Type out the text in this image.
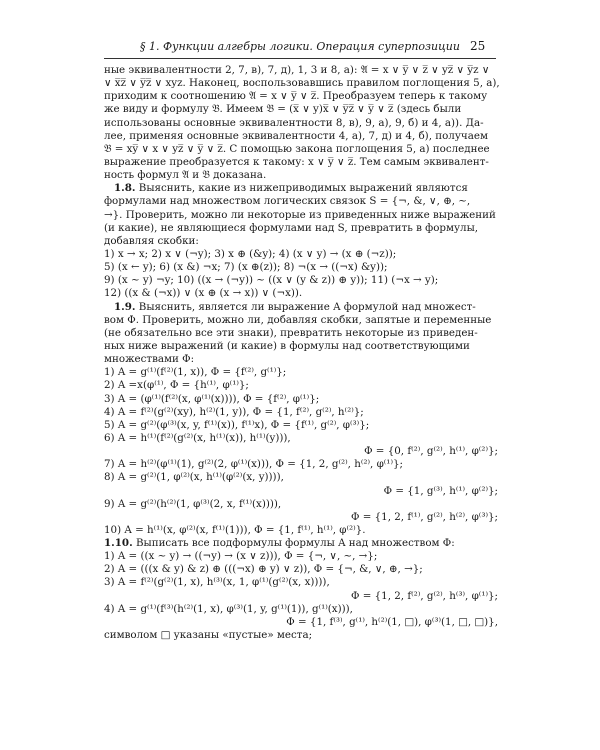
§ 1. Функции алгебры логики. Операция суперпозиции 25
ные эквивалентности 2, 7, в), 7, д), 1, 3 и 8, а): 𝔄 = x ∨ y̅ ∨ z̅ ∨ yz̅ ∨ y̅z ∨
∨ x̅z̅ ∨ y̅z̅ ∨ xyz. Наконец, воспользовавшись правилом поглощения 5, а),
приходим к соотношению 𝔄 = x ∨ y̅ ∨ z̅. Преобразуем теперь к такому
же виду и формулу 𝔅. Имеем 𝔅 = (x̅ ∨ y)x̅ ∨ y̅z̅ ∨ y̅ ∨ z̅ (здесь были
использованы основные эквивалентности 8, в), 9, а), 9, б) и 4, а)). Да-
лее, применяя основные эквивалентности 4, а), 7, д) и 4, б), получаем
𝔅 = xy̅ ∨ x ∨ yz̅ ∨ y̅ ∨ z̅. С помощью закона поглощения 5, а) последнее
выражение преобразуется к такому: x ∨ y̅ ∨ z̅. Тем самым эквивалент-
ность формул 𝔄 и 𝔅 доказана.
1.8. Выяснить, какие из нижеприводимых выражений являются
формулами над множеством логических связок S = {¬, &, ∨, ⊕, ∼,
→}. Проверить, можно ли некоторые из приведенных ниже выражений
(и какие), не являющиеся формулами над S, превратить в формулы,
добавляя скобки:
1) x → x; 2) x ∨ (¬y); 3) x ⊕ (&y); 4) (x ∨ y) → (x ⊕ (¬z));
5) (x ← y); 6) (x &) ¬x; 7) (x ⊕(z)); 8) ¬(x → ((¬x) &y));
9) (x ∼ y) ¬y; 10) ((x → (¬y)) ∼ ((x ∨ (y & z)) ⊕ y)); 11) (¬x → y);
12) ((x & (¬x)) ∨ (x ⊕ (x → x)) ∨ (¬x)).
1.9. Выяснить, является ли выражение A формулой над множест-
вом Φ. Проверить, можно ли, добавляя скобки, запятые и переменные
(не обязательно все эти знаки), превратить некоторые из приведен-
ных ниже выражений (и какие) в формулы над соответствующими
множествами Φ:
1) A = g⁽¹⁾(f⁽²⁾(1, x)), Φ = {f⁽²⁾, g⁽¹⁾};
2) A =x(φ⁽¹⁾, Φ = {h⁽¹⁾, φ⁽¹⁾};
3) A = (φ⁽¹⁾(f⁽²⁾(x, φ⁽¹⁾(x)))), Φ = {f⁽²⁾, φ⁽¹⁾};
4) A = f⁽²⁾(g⁽²⁾(xy), h⁽²⁾(1, y)), Φ = {1, f⁽²⁾, g⁽²⁾, h⁽²⁾};
5) A = g⁽²⁾(φ⁽³⁾(x, y, f⁽¹⁾(x)), f⁽¹⁾x), Φ = {f⁽¹⁾, g⁽²⁾, φ⁽³⁾};
6) A = h⁽¹⁾(f⁽²⁾(g⁽²⁾(x, h⁽¹⁾(x)), h⁽¹⁾(y))),
Φ = {0, f⁽²⁾, g⁽²⁾, h⁽¹⁾, φ⁽²⁾};
7) A = h⁽²⁾(φ⁽¹⁾(1), g⁽²⁾(2, φ⁽¹⁾(x))), Φ = {1, 2, g⁽²⁾, h⁽²⁾, φ⁽¹⁾};
8) A = g⁽²⁾(1, φ⁽²⁾(x, h⁽¹⁾(φ⁽²⁾(x, y)))),
Φ = {1, g⁽³⁾, h⁽¹⁾, φ⁽²⁾};
9) A = g⁽²⁾(h⁽²⁾(1, φ⁽³⁾(2, x, f⁽¹⁾(x)))),
Φ = {1, 2, f⁽¹⁾, g⁽²⁾, h⁽²⁾, φ⁽³⁾};
10) A = h⁽¹⁾(x, φ⁽²⁾(x, f⁽¹⁾(1))), Φ = {1, f⁽¹⁾, h⁽¹⁾, φ⁽²⁾}.
1.10. Выписать все подформулы формулы A над множеством Φ:
1) A = ((x ∼ y) → ((¬y) → (x ∨ z))), Φ = {¬, ∨, ∼, →};
2) A = (((x & y) & z) ⊕ (((¬x) ⊕ y) ∨ z)), Φ = {¬, &, ∨, ⊕, →};
3) A = f⁽²⁾(g⁽²⁾(1, x), h⁽³⁾(x, 1, φ⁽¹⁾(g⁽²⁾(x, x)))),
Φ = {1, 2, f⁽²⁾, g⁽²⁾, h⁽³⁾, φ⁽¹⁾};
4) A = g⁽¹⁾(f⁽³⁾(h⁽²⁾(1, x), φ⁽³⁾(1, y, g⁽¹⁾(1)), g⁽¹⁾(x))),
Φ = {1, f⁽³⁾, g⁽¹⁾, h⁽²⁾(1, □), φ⁽³⁾(1, □, □)},
символом □ указаны «пустые» места;
